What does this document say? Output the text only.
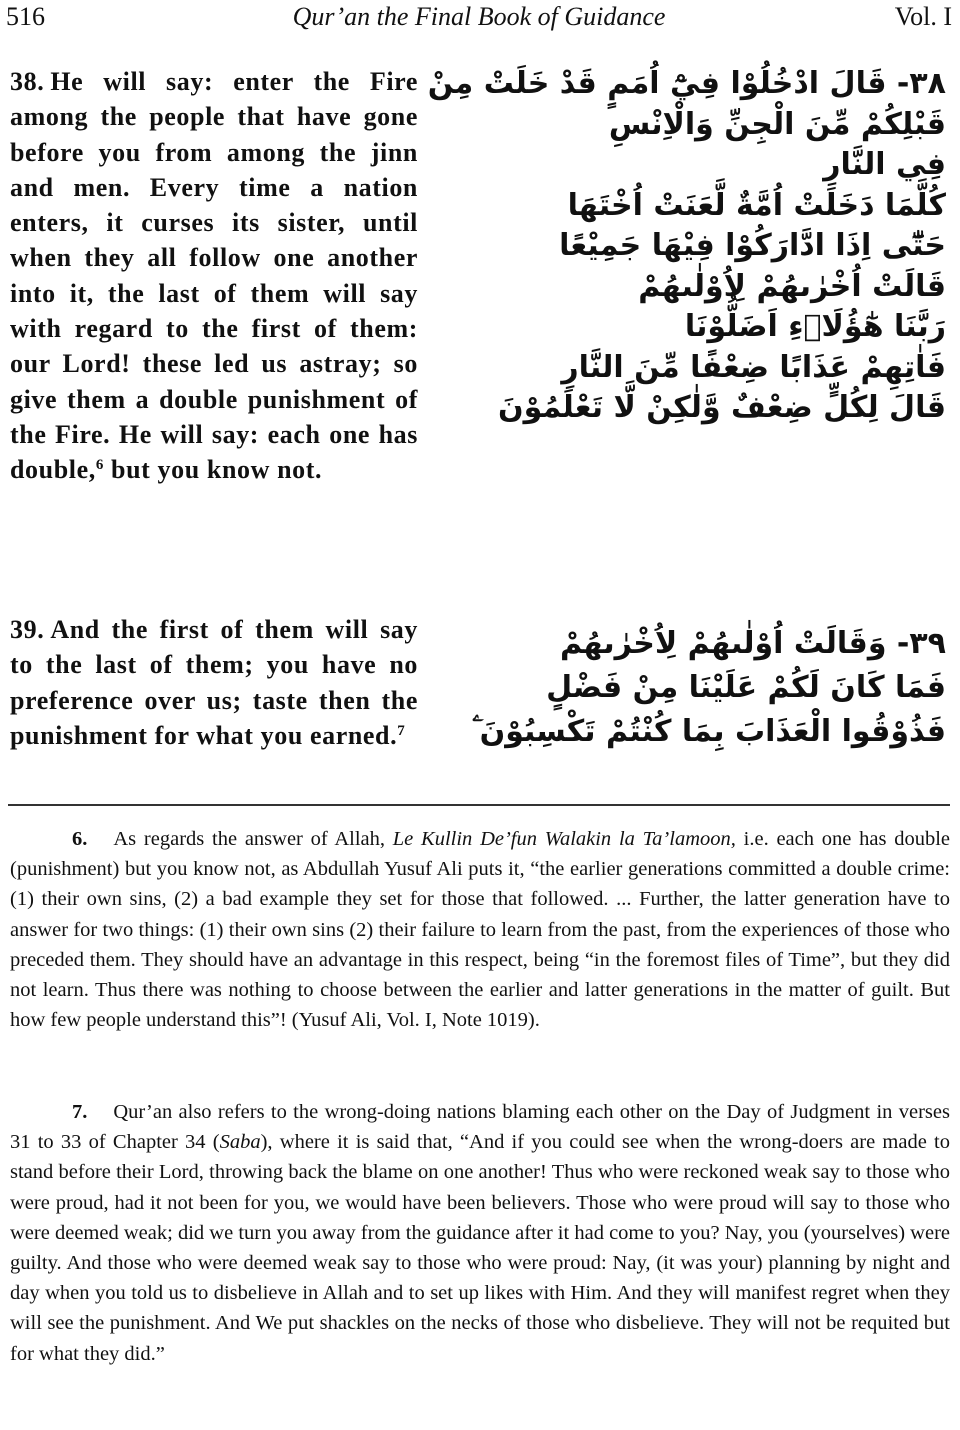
516	Qur’an the Final Book of Guidance	Vol. I
38. He will say: enter the Fire among the people that have gone before you from among the jinn and men. Every time a nation enters, it curses its sister, until when they all follow one another into it, the last of them will say with regard to the first of them: our Lord! these led us astray; so give them a double punishment of the Fire. He will say: each one has double,$^6$ but you know not.
٣٨- قَالَ ادْخُلُوْا فِيْٓ اُمَمٍ قَدْ خَلَتْ مِنْ
قَبْلِكُمْ مِّنَ الْجِنِّ وَالْاِنْسِ
فِي النَّارِ
كُلَّمَا دَخَلَتْ اُمَّةٌ لَّعَنَتْ اُخْتَهَا
حَتّٰٓى اِذَا ادَّارَكُوْا فِيْهَا جَمِيْعًا
قَالَتْ اُخْرٰىهُمْ لِاُوْلٰىهُمْ
رَبَّنَا هٰٓؤُلَاۗءِ اَضَلُّوْنَا
فَاٰتِهِمْ عَذَابًا ضِعْفًا مِّنَ النَّارِ
قَالَ لِكُلٍّ ضِعْفٌ وَّلٰكِنْ لَّا تَعْلَمُوْنَ
39. And the first of them will say to the last of them; you have no preference over us; taste then the punishment for what you earned.$^7$
٣٩- وَقَالَتْ اُوْلٰىهُمْ لِاُخْرٰىهُمْ
فَمَا كَانَ لَكُمْ عَلَيْنَا مِنْ فَضْلٍ
فَذُوْقُوا الْعَذَابَ بِمَا كُنْتُمْ تَكْسِبُوْنَ ۧ
6. As regards the answer of Allah, Le Kullin De’fun Walakin la Ta’lamoon, i.e. each one has double (punishment) but you know not, as Abdullah Yusuf Ali puts it, “the earlier generations committed a double crime: (1) their own sins, (2) a bad example they set for those that followed. ... Further, the latter generation have to answer for two things: (1) their own sins (2) their failure to learn from the past, from the experiences of those who preceded them. They should have an advantage in this respect, being “in the foremost files of Time”, but they did not learn. Thus there was nothing to choose between the earlier and latter generations in the matter of guilt. But how few people understand this”! (Yusuf Ali, Vol. I, Note 1019).
7. Qur’an also refers to the wrong-doing nations blaming each other on the Day of Judgment in verses 31 to 33 of Chapter 34 (Saba), where it is said that, “And if you could see when the wrong-doers are made to stand before their Lord, throwing back the blame on one another! Thus who were reckoned weak say to those who were proud, had it not been for you, we would have been believers. Those who were proud will say to those who were deemed weak; did we turn you away from the guidance after it had come to you? Nay, you (yourselves) were guilty. And those who were deemed weak say to those who were proud: Nay, (it was your) planning by night and day when you told us to disbelieve in Allah and to set up likes with Him. And they will manifest regret when they will see the punishment. And We put shackles on the necks of those who disbelieve. They will not be requited but for what they did.”
